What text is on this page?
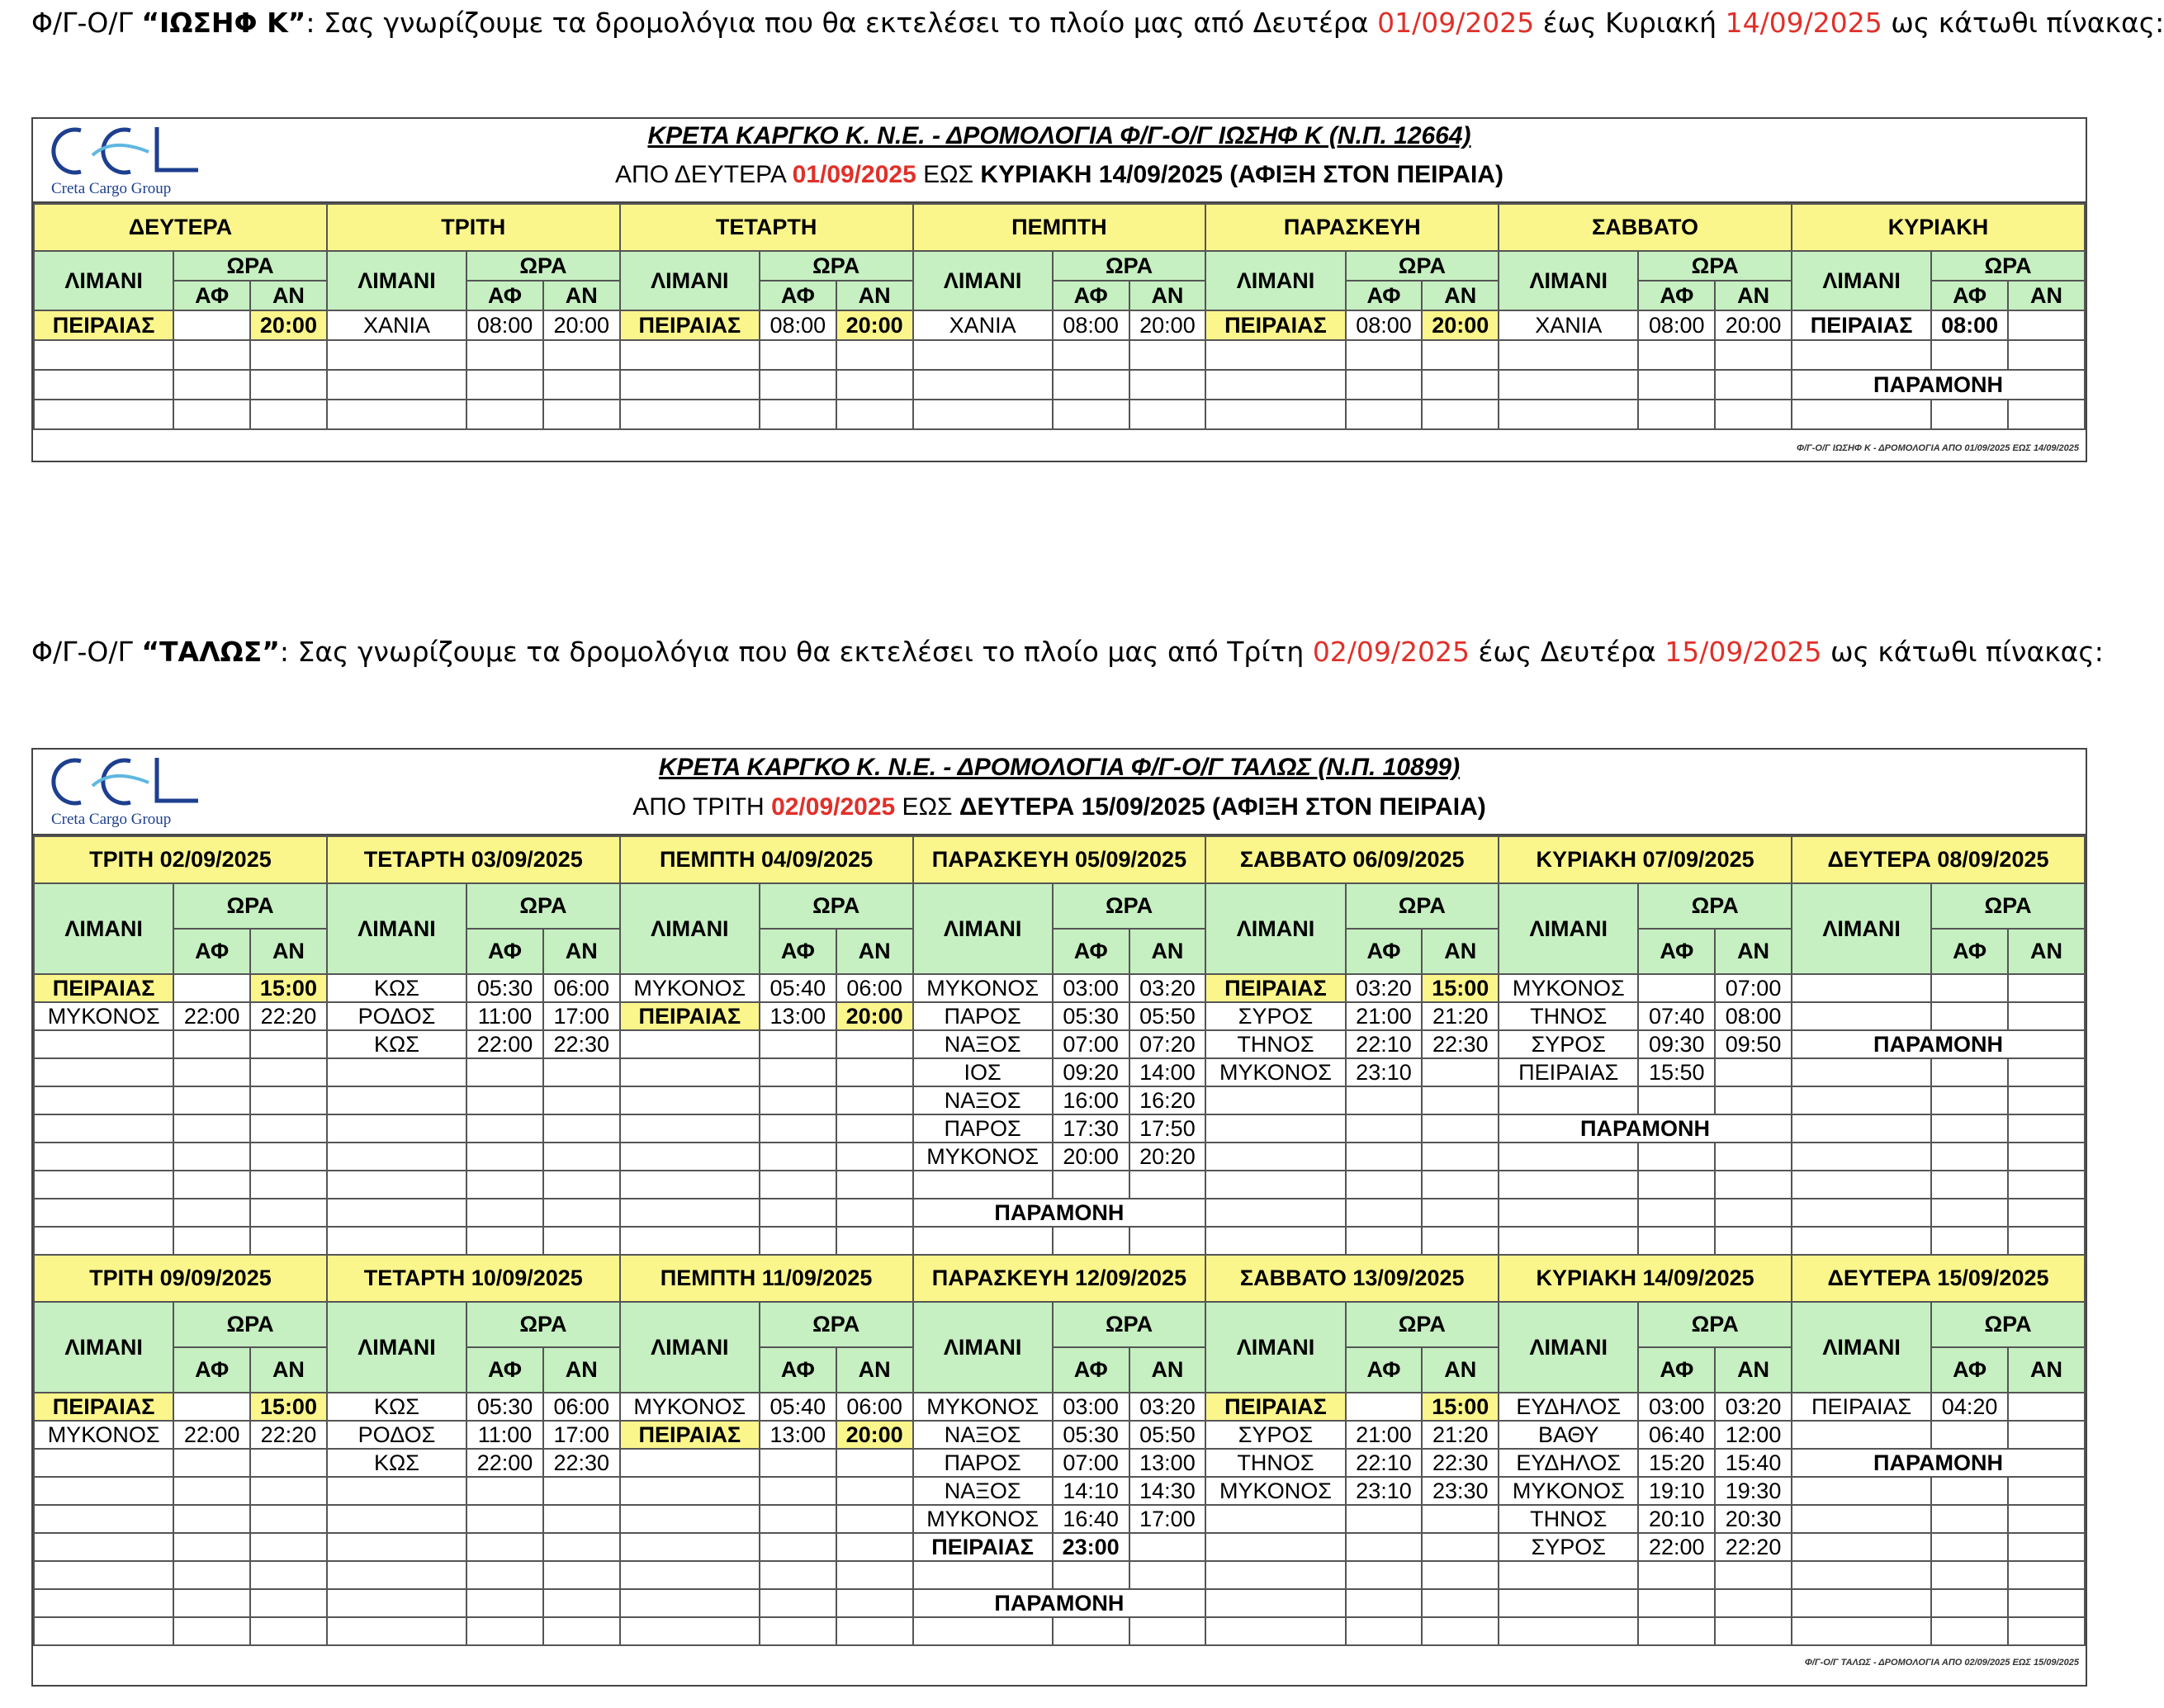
Φ/Γ-Ο/Γ “ΙΩΣΗΦ Κ”: Σας γνωρίζουμε τα δρομολόγια που θα εκτελέσει το πλοίο μας από Δευτέρα 01/09/2025 έως Κυριακή 14/09/2025 ως κάτωθι πίνακας:
Creta Cargo Group
ΚΡΕΤΑ ΚΑΡΓΚΟ Κ. Ν.Ε. - ΔΡΟΜΟΛΟΓΙΑ Φ/Γ-Ο/Γ ΙΩΣΗΦ Κ (Ν.Π. 12664)
ΑΠΟ ΔΕΥΤΕΡΑ 01/09/2025 ΕΩΣ ΚΥΡΙΑΚΗ 14/09/2025 (ΑΦΙΞΗ ΣΤΟΝ ΠΕΙΡΑΙΑ)
ΔΕΥΤΕΡΑ			ΤΡΙΤΗ			ΤΕΤΑΡΤΗ			ΠΕΜΠΤΗ			ΠΑΡΑΣΚΕΥΗ			ΣΑΒΒΑΤΟ			ΚΥΡΙΑΚΗ		
ΛΙΜΑΝΙ	ΩΡΑ		ΛΙΜΑΝΙ	ΩΡΑ		ΛΙΜΑΝΙ	ΩΡΑ		ΛΙΜΑΝΙ	ΩΡΑ		ΛΙΜΑΝΙ	ΩΡΑ		ΛΙΜΑΝΙ	ΩΡΑ		ΛΙΜΑΝΙ	ΩΡΑ	
	ΑΦ	ΑΝ		ΑΦ	ΑΝ		ΑΦ	ΑΝ		ΑΦ	ΑΝ		ΑΦ	ΑΝ		ΑΦ	ΑΝ		ΑΦ	ΑΝ
ΠΕΙΡΑΙΑΣ		20:00	ΧΑΝΙΑ	08:00	20:00	ΠΕΙΡΑΙΑΣ	08:00	20:00	ΧΑΝΙΑ	08:00	20:00	ΠΕΙΡΑΙΑΣ	08:00	20:00	ΧΑΝΙΑ	08:00	20:00	ΠΕΙΡΑΙΑΣ	08:00	

																		ΠΑΡΑΜΟΝΗ		

Φ/Γ-Ο/Γ ΙΩΣΗΦ Κ - ΔΡΟΜΟΛΟΓΙΑ ΑΠΟ 01/09/2025 ΕΩΣ 14/09/2025
Φ/Γ-Ο/Γ “ΤΑΛΩΣ”: Σας γνωρίζουμε τα δρομολόγια που θα εκτελέσει το πλοίο μας από Τρίτη 02/09/2025 έως Δευτέρα 15/09/2025 ως κάτωθι πίνακας:
Creta Cargo Group
ΚΡΕΤΑ ΚΑΡΓΚΟ Κ. Ν.Ε. - ΔΡΟΜΟΛΟΓΙΑ Φ/Γ-Ο/Γ ΤΑΛΩΣ (Ν.Π. 10899)
ΑΠΟ ΤΡΙΤΗ 02/09/2025 ΕΩΣ ΔΕΥΤΕΡΑ 15/09/2025 (ΑΦΙΞΗ ΣΤΟΝ ΠΕΙΡΑΙΑ)
ΤΡΙΤΗ 02/09/2025			ΤΕΤΑΡΤΗ 03/09/2025			ΠΕΜΠΤΗ 04/09/2025			ΠΑΡΑΣΚΕΥΗ 05/09/2025			ΣΑΒΒΑΤΟ 06/09/2025			ΚΥΡΙΑΚΗ 07/09/2025			ΔΕΥΤΕΡΑ 08/09/2025		
ΛΙΜΑΝΙ	ΩΡΑ		ΛΙΜΑΝΙ	ΩΡΑ		ΛΙΜΑΝΙ	ΩΡΑ		ΛΙΜΑΝΙ	ΩΡΑ		ΛΙΜΑΝΙ	ΩΡΑ		ΛΙΜΑΝΙ	ΩΡΑ		ΛΙΜΑΝΙ	ΩΡΑ	
	ΑΦ	ΑΝ		ΑΦ	ΑΝ		ΑΦ	ΑΝ		ΑΦ	ΑΝ		ΑΦ	ΑΝ		ΑΦ	ΑΝ		ΑΦ	ΑΝ
ΠΕΙΡΑΙΑΣ		15:00	ΚΩΣ	05:30	06:00	ΜΥΚΟΝΟΣ	05:40	06:00	ΜΥΚΟΝΟΣ	03:00	03:20	ΠΕΙΡΑΙΑΣ	03:20	15:00	ΜΥΚΟΝΟΣ		07:00			
ΜΥΚΟΝΟΣ	22:00	22:20	ΡΟΔΟΣ	11:00	17:00	ΠΕΙΡΑΙΑΣ	13:00	20:00	ΠΑΡΟΣ	05:30	05:50	ΣΥΡΟΣ	21:00	21:20	ΤΗΝΟΣ	07:40	08:00			
			ΚΩΣ	22:00	22:30				ΝΑΞΟΣ	07:00	07:20	ΤΗΝΟΣ	22:10	22:30	ΣΥΡΟΣ	09:30	09:50	ΠΑΡΑΜΟΝΗ		
									ΙΟΣ	09:20	14:00	ΜΥΚΟΝΟΣ	23:10		ΠΕΙΡΑΙΑΣ	15:50				
									ΝΑΞΟΣ	16:00	16:20									
									ΠΑΡΟΣ	17:30	17:50				ΠΑΡΑΜΟΝΗ					
									ΜΥΚΟΝΟΣ	20:00	20:20									

									ΠΑΡΑΜΟΝΗ											

ΤΡΙΤΗ 09/09/2025			ΤΕΤΑΡΤΗ 10/09/2025			ΠΕΜΠΤΗ 11/09/2025			ΠΑΡΑΣΚΕΥΗ 12/09/2025			ΣΑΒΒΑΤΟ 13/09/2025			ΚΥΡΙΑΚΗ 14/09/2025			ΔΕΥΤΕΡΑ 15/09/2025		
ΛΙΜΑΝΙ	ΩΡΑ		ΛΙΜΑΝΙ	ΩΡΑ		ΛΙΜΑΝΙ	ΩΡΑ		ΛΙΜΑΝΙ	ΩΡΑ		ΛΙΜΑΝΙ	ΩΡΑ		ΛΙΜΑΝΙ	ΩΡΑ		ΛΙΜΑΝΙ	ΩΡΑ	
	ΑΦ	ΑΝ		ΑΦ	ΑΝ		ΑΦ	ΑΝ		ΑΦ	ΑΝ		ΑΦ	ΑΝ		ΑΦ	ΑΝ		ΑΦ	ΑΝ
ΠΕΙΡΑΙΑΣ		15:00	ΚΩΣ	05:30	06:00	ΜΥΚΟΝΟΣ	05:40	06:00	ΜΥΚΟΝΟΣ	03:00	03:20	ΠΕΙΡΑΙΑΣ		15:00	ΕΥΔΗΛΟΣ	03:00	03:20	ΠΕΙΡΑΙΑΣ	04:20	
ΜΥΚΟΝΟΣ	22:00	22:20	ΡΟΔΟΣ	11:00	17:00	ΠΕΙΡΑΙΑΣ	13:00	20:00	ΝΑΞΟΣ	05:30	05:50	ΣΥΡΟΣ	21:00	21:20	ΒΑΘΥ	06:40	12:00			
			ΚΩΣ	22:00	22:30				ΠΑΡΟΣ	07:00	13:00	ΤΗΝΟΣ	22:10	22:30	ΕΥΔΗΛΟΣ	15:20	15:40	ΠΑΡΑΜΟΝΗ		
									ΝΑΞΟΣ	14:10	14:30	ΜΥΚΟΝΟΣ	23:10	23:30	ΜΥΚΟΝΟΣ	19:10	19:30			
									ΜΥΚΟΝΟΣ	16:40	17:00				ΤΗΝΟΣ	20:10	20:30			
									ΠΕΙΡΑΙΑΣ	23:00					ΣΥΡΟΣ	22:00	22:20			

									ΠΑΡΑΜΟΝΗ											

Φ/Γ-Ο/Γ ΤΑΛΩΣ - ΔΡΟΜΟΛΟΓΙΑ ΑΠΟ 02/09/2025 ΕΩΣ 15/09/2025
